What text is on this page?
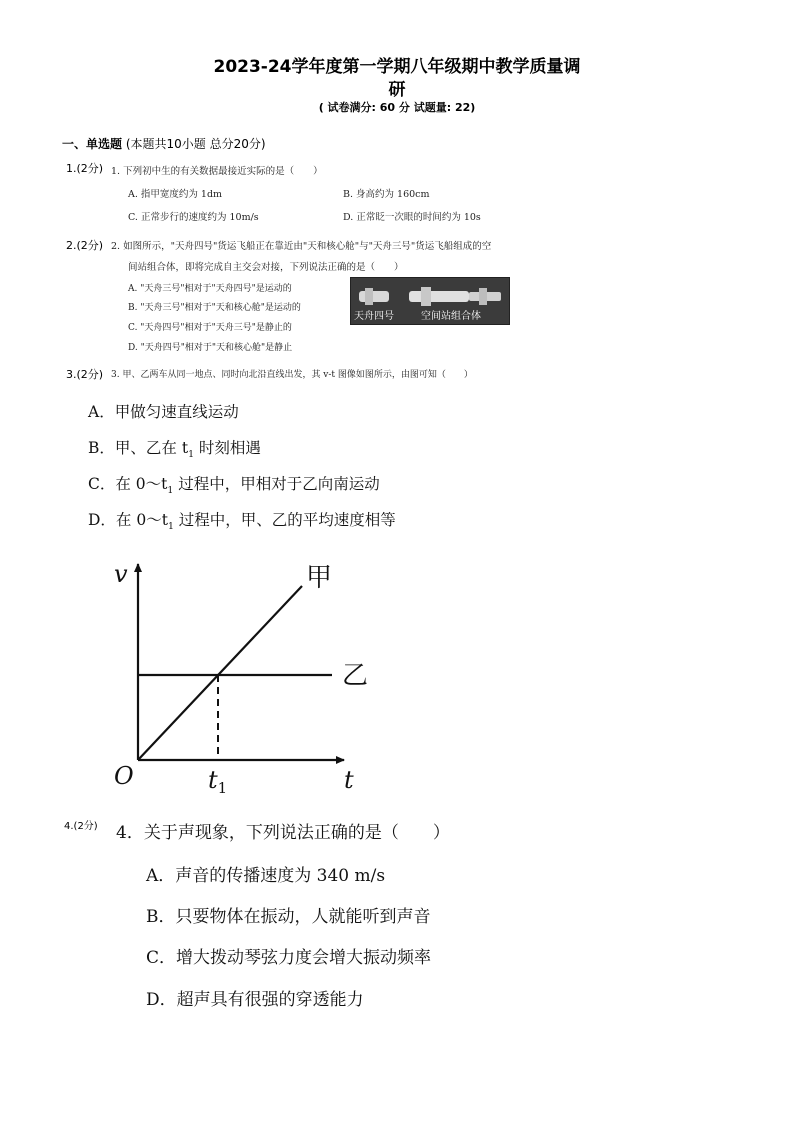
2023-24学年度第一学期八年级期中教学质量调
研
( 试卷满分: 60 分 试题量: 22)
一、单选题 (本题共10小题 总分20分)
1.(2分) 1. 下列初中生的有关数据最接近实际的是（　　）
A. 指甲宽度约为 1dm	B. 身高约为 160cm
C. 正常步行的速度约为 10m/s	D. 正常眨一次眼的时间约为 10s
2.(2分) 2. 如图所示，"天舟四号"货运飞船正在靠近由"天和核心舱"与"天舟三号"货运飞船组成的空
间站组合体，即将完成自主交会对接，下列说法正确的是（　　）
A. "天舟三号"相对于"天舟四号"是运动的
B. "天舟三号"相对于"天和核心舱"是运动的
C. "天舟四号"相对于"天舟三号"是静止的
D. "天舟四号"相对于"天和核心舱"是静止
天舟四号	空间站组合体
3.(2分) 3. 甲、乙两车从同一地点、同时向北沿直线出发，其 v-t 图像如图所示，由图可知（　　）
A．甲做匀速直线运动
B．甲、乙在 $t_1$ 时刻相遇
C．在 $0\sim t_1$ 过程中，甲相对于乙向南运动
D．在 $0\sim t_1$ 过程中，甲、乙的平均速度相等
v
t
O	$t_1$
甲
乙
4.(2分) 4．关于声现象，下列说法正确的是（　　）
A．声音的传播速度为 340 m/s
B．只要物体在振动，人就能听到声音
C．增大拨动琴弦力度会增大振动频率
D．超声具有很强的穿透能力
